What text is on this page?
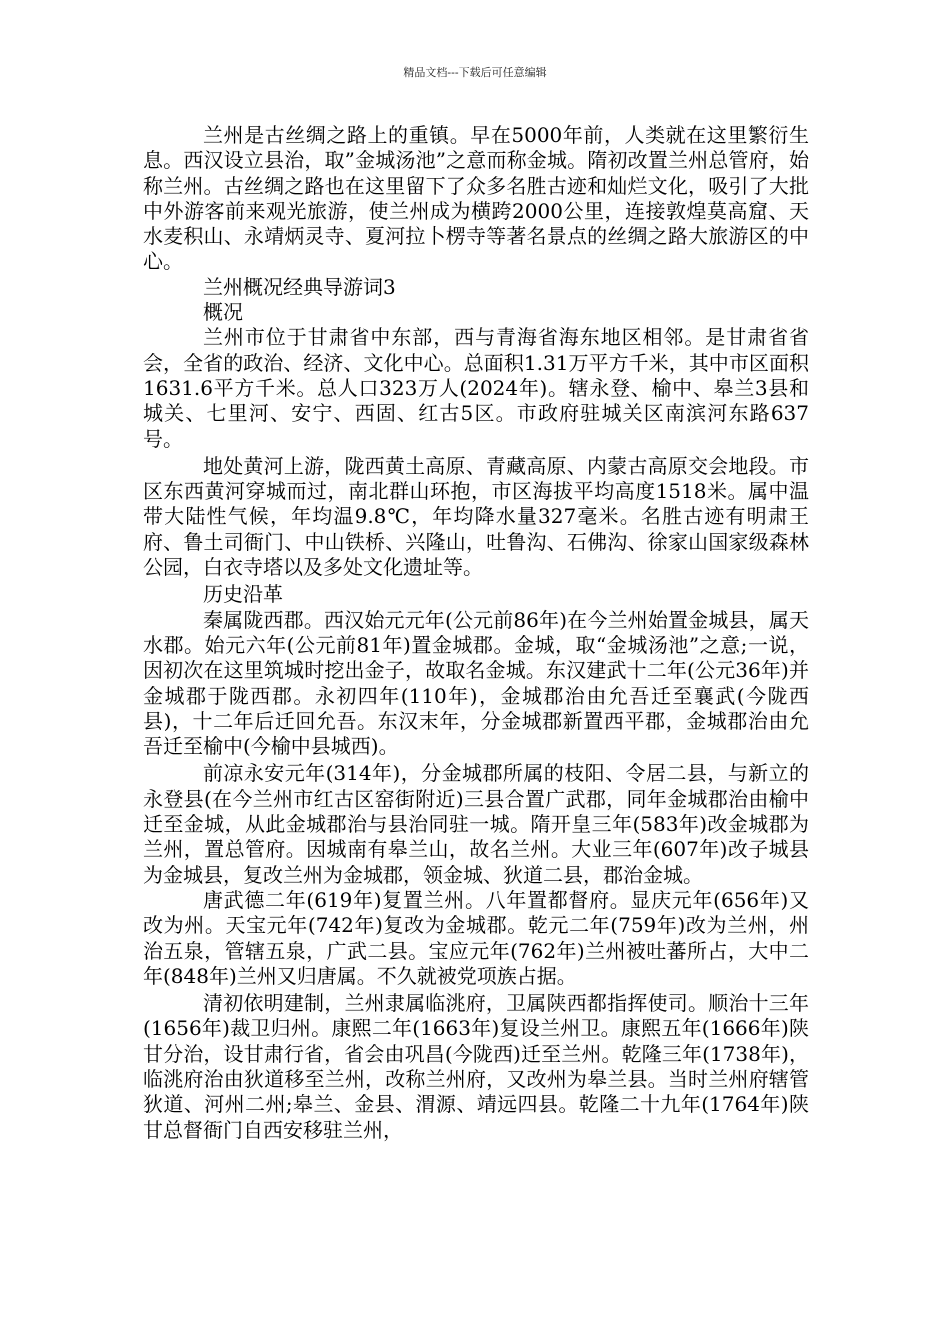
精品文档---下载后可任意编辑

兰州是古丝绸之路上的重镇。早在5000年前，人类就在这里繁衍生息。西汉设立县治，取”金城汤池”之意而称金城。隋初改置兰州总管府，始称兰州。古丝绸之路也在这里留下了众多名胜古迹和灿烂文化，吸引了大批中外游客前来观光旅游，使兰州成为横跨2000公里，连接敦煌莫高窟、天水麦积山、永靖炳灵寺、夏河拉卜楞寺等著名景点的丝绸之路大旅游区的中心。

兰州概况经典导游词3

概况

兰州市位于甘肃省中东部，西与青海省海东地区相邻。是甘肃省省会，全省的政治、经济、文化中心。总面积1.31万平方千米，其中市区面积1631.6平方千米。总人口323万人(2024年)。辖永登、榆中、皋兰3县和城关、七里河、安宁、西固、红古5区。市政府驻城关区南滨河东路637号。

地处黄河上游，陇西黄土高原、青藏高原、内蒙古高原交会地段。市区东西黄河穿城而过，南北群山环抱，市区海拔平均高度1518米。属中温带大陆性气候，年均温9.8℃，年均降水量327毫米。名胜古迹有明肃王府、鲁土司衙门、中山铁桥、兴隆山，吐鲁沟、石佛沟、徐家山国家级森林公园，白衣寺塔以及多处文化遗址等。

历史沿革

秦属陇西郡。西汉始元元年(公元前86年)在今兰州始置金城县，属天水郡。始元六年(公元前81年)置金城郡。金城，取“金城汤池”之意;一说，因初次在这里筑城时挖出金子，故取名金城。东汉建武十二年(公元36年)并金城郡于陇西郡。永初四年(110年)，金城郡治由允吾迁至襄武(今陇西县)，十二年后迁回允吾。东汉末年，分金城郡新置西平郡，金城郡治由允吾迁至榆中(今榆中县城西)。

前凉永安元年(314年)，分金城郡所属的枝阳、令居二县，与新立的永登县(在今兰州市红古区窑街附近)三县合置广武郡，同年金城郡治由榆中迁至金城，从此金城郡治与县治同驻一城。隋开皇三年(583年)改金城郡为兰州，置总管府。因城南有皋兰山，故名兰州。大业三年(607年)改子城县为金城县，复改兰州为金城郡，领金城、狄道二县，郡治金城。

唐武德二年(619年)复置兰州。八年置都督府。显庆元年(656年)又改为州。天宝元年(742年)复改为金城郡。乾元二年(759年)改为兰州，州治五泉，管辖五泉，广武二县。宝应元年(762年)兰州被吐蕃所占，大中二年(848年)兰州又归唐属。不久就被党项族占据。

清初依明建制，兰州隶属临洮府，卫属陕西都指挥使司。顺治十三年(1656年)裁卫归州。康熙二年(1663年)复设兰州卫。康熙五年(1666年)陕甘分治，设甘肃行省，省会由巩昌(今陇西)迁至兰州。乾隆三年(1738年)，临洮府治由狄道移至兰州，改称兰州府，又改州为皋兰县。当时兰州府辖管狄道、河州二州;皋兰、金县、渭源、靖远四县。乾隆二十九年(1764年)陕甘总督衙门自西安移驻兰州，
